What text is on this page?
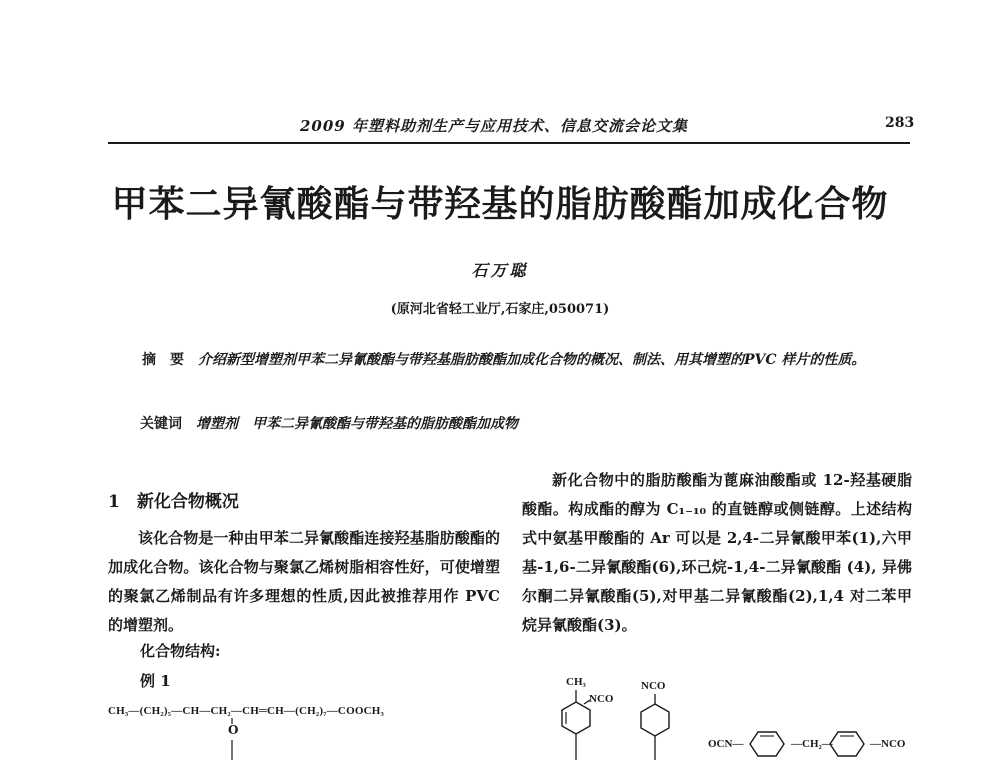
2009 年塑料助剂生产与应用技术、信息交流会论文集	283
甲苯二异氰酸酯与带羟基的脂肪酸酯加成化合物
石万聪
(原河北省轻工业厅,石家庄,050071)
摘要介绍新型增塑剂甲苯二异氰酸酯与带羟基脂肪酸酯加成化合物的概况、制法、用其增塑的PVC 样片的性质。
关键词 增塑剂　甲苯二异氰酸酯与带羟基的脂肪酸酯加成物
1　新化合物概况

该化合物是一种由甲苯二异氰酸酯连接羟基脂肪酸酯的加成化合物。该化合物与聚氯乙烯树脂相容性好，可使增塑的聚氯乙烯制品有许多理想的性质,因此被推荐用作 PVC 的增塑剂。

化合物结构:
例 1
CH₃—(CH₂)₅—CH—CH₂—CH═CH—(CH₂)₇—COOCH₃
O

新化合物中的脂肪酸酯为蓖麻油酸酯或 12-羟基硬脂酸酯。构成酯的醇为 C₁₋₁₀ 的直链醇或侧链醇。上述结构式中氨基甲酸酯的 Ar 可以是 2,4-二异氰酸甲苯(1),六甲基-1,6-二异氰酸酯(6),环己烷-1,4-二异氰酸酯 (4), 异佛尔酮二异氰酸酯(5),对甲基二异氰酸酯(2),1,4 对二苯甲烷异氰酸酯(3)。

CH₃
NCO
NCO
OCN—	—CH₂—	—NCO
